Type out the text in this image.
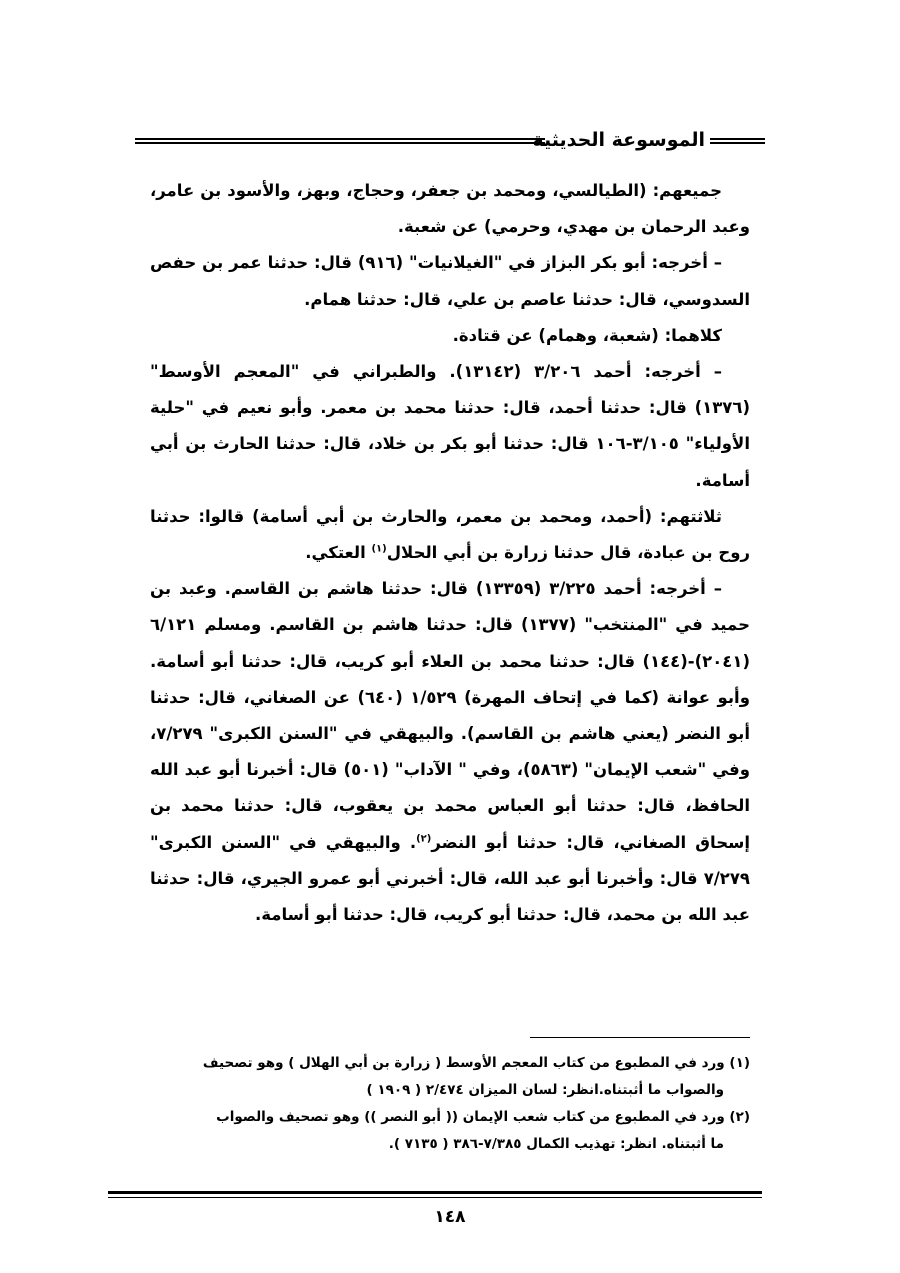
الموسوعة الحديثية

جميعهم: (الطيالسي، ومحمد بن جعفر، وحجاج، وبهز، والأسود بن عامر، وعبد الرحمان بن مهدي، وحرمي) عن شعبة.

– أخرجه: أبو بكر البزاز في "الغيلانيات" (٩١٦) قال: حدثنا عمر بن حفص السدوسي، قال: حدثنا عاصم بن علي، قال: حدثنا همام.

كلاهما: (شعبة، وهمام) عن قتادة.

– أخرجه: أحمد ٣/٢٠٦ (١٣١٤٢). والطبراني في "المعجم الأوسط" (١٣٧٦) قال: حدثنا أحمد، قال: حدثنا محمد بن معمر. وأبو نعيم في "حلية الأولياء" ٣/١٠٥-١٠٦ قال: حدثنا أبو بكر بن خلاد، قال: حدثنا الحارث بن أبي أسامة.

ثلاثتهم: (أحمد، ومحمد بن معمر، والحارث بن أبي أسامة) قالوا: حدثنا روح بن عبادة، قال حدثنا زرارة بن أبي الحلال$^{(١)}$ العتكي.

– أخرجه: أحمد ٣/٢٢٥ (١٣٣٥٩) قال: حدثنا هاشم بن القاسم. وعبد بن حميد في "المنتخب" (١٣٧٧) قال: حدثنا هاشم بن القاسم. ومسلم ٦/١٢١ (٢٠٤١)-(١٤٤) قال: حدثنا محمد بن العلاء أبو كريب، قال: حدثنا أبو أسامة. وأبو عوانة (كما في إتحاف المهرة) ١/٥٢٩ (٦٤٠) عن الصغاني، قال: حدثنا أبو النضر (يعني هاشم بن القاسم). والبيهقي في "السنن الكبرى" ٧/٢٧٩، وفي "شعب الإيمان" (٥٨٦٣)، وفي " الآداب" (٥٠١) قال: أخبرنا أبو عبد الله الحافظ، قال: حدثنا أبو العباس محمد بن يعقوب، قال: حدثنا محمد بن إسحاق الصغاني، قال: حدثنا أبو النضر$^{(٢)}$. والبيهقي في "السنن الكبرى" ٧/٢٧٩ قال: وأخبرنا أبو عبد الله، قال: أخبرني أبو عمرو الجيري، قال: حدثنا عبد الله بن محمد، قال: حدثنا أبو كريب، قال: حدثنا أبو أسامة.

(١) ورد في المطبوع من كتاب المعجم الأوسط ( زرارة بن أبي الهلال ) وهو تصحيف

والصواب ما أثبتناه.انظر: لسان الميزان ٢/٤٧٤ ( ١٩٠٩ )

(٢) ورد في المطبوع من كتاب شعب الإيمان (( أبو النصر )) وهو تصحيف والصواب

ما أثبتناه. انظر: تهذيب الكمال ٧/٣٨٥-٣٨٦ ( ٧١٣٥ ).

١٤٨
